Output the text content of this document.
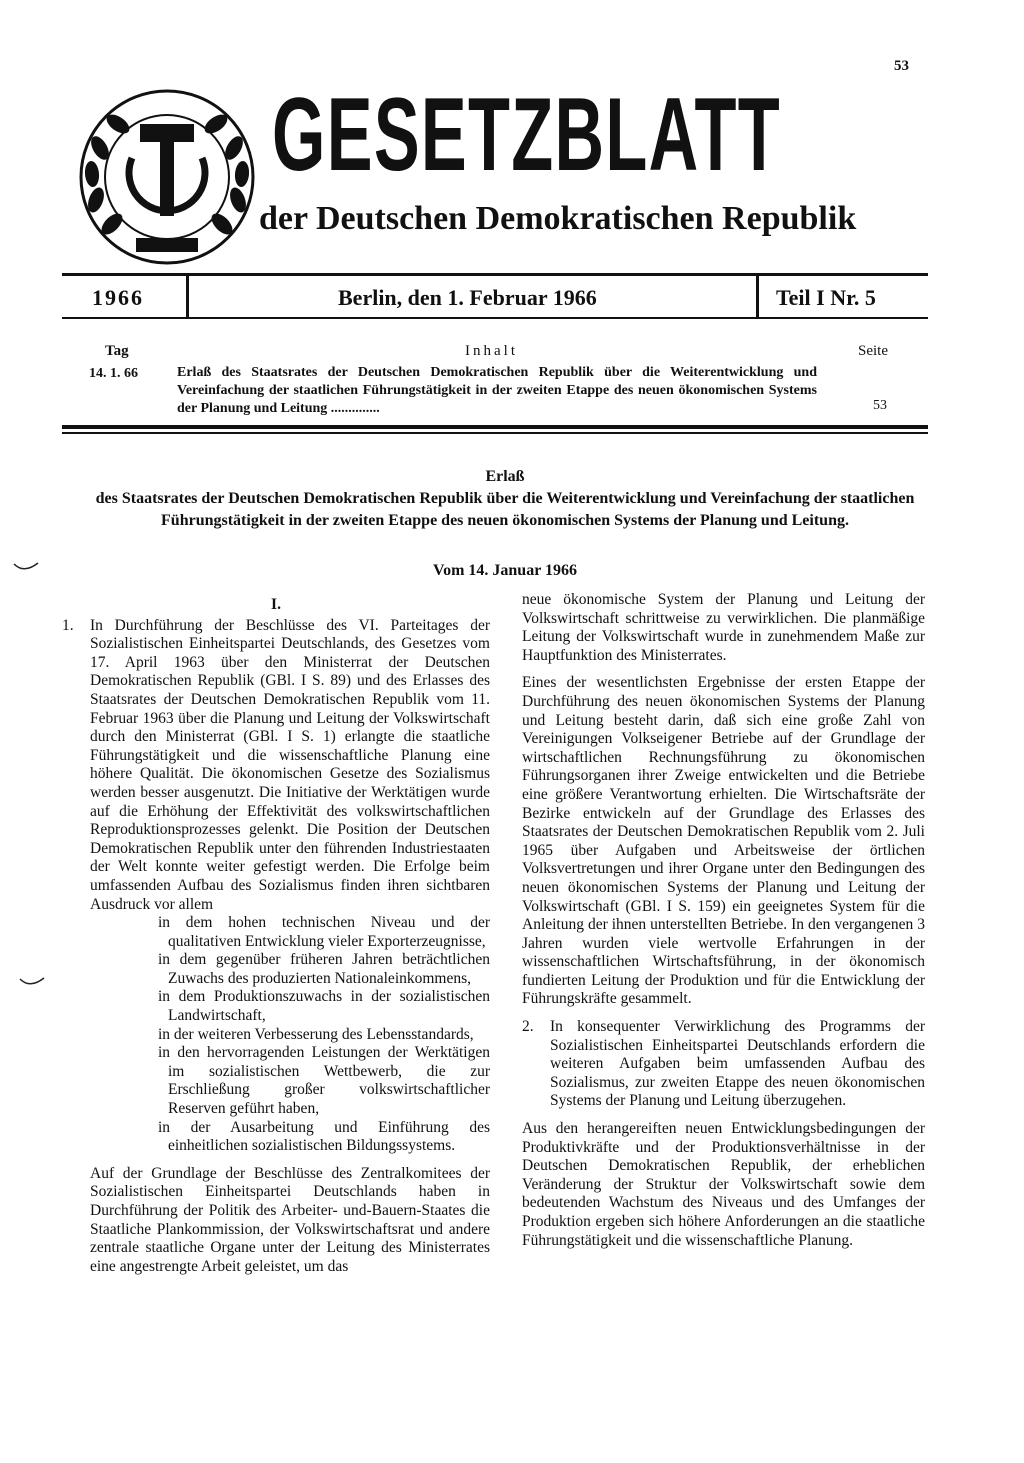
53
GESETZBLATT
der Deutschen Demokratischen Republik
1966	Berlin, den 1. Februar 1966	Teil I Nr. 5
Tag	Inhalt	Seite
14. 1. 66	Erlaß des Staatsrates der Deutschen Demokratischen Republik über die Weiterentwicklung und Vereinfachung der staatlichen Führungstätigkeit in der zweiten Etappe des neuen ökonomischen Systems der Planung und Leitung ..............	53
Erlaß
des Staatsrates der Deutschen Demokratischen Republik über die Weiterentwicklung und Vereinfachung der staatlichen Führungstätigkeit in der zweiten Etappe des neuen ökonomischen Systems der Planung und Leitung.
Vom 14. Januar 1966
I.
1. In Durchführung der Beschlüsse des VI. Parteitages der Sozialistischen Einheitspartei Deutschlands, des Gesetzes vom 17. April 1963 über den Ministerrat der Deutschen Demokratischen Republik (GBl. I S. 89) und des Erlasses des Staatsrates der Deutschen Demokratischen Republik vom 11. Februar 1963 über die Planung und Leitung der Volkswirtschaft durch den Ministerrat (GBl. I S. 1) erlangte die staatliche Führungstätigkeit und die wissenschaftliche Planung eine höhere Qualität. Die ökonomischen Gesetze des Sozialismus werden besser ausgenutzt. Die Initiative der Werktätigen wurde auf die Erhöhung der Effektivität des volkswirtschaftlichen Reproduktionsprozesses gelenkt. Die Position der Deutschen Demokratischen Republik unter den führenden Industriestaaten der Welt konnte weiter gefestigt werden. Die Erfolge beim umfassenden Aufbau des Sozialismus finden ihren sichtbaren Ausdruck vor allem

in dem hohen technischen Niveau und der qualitativen Entwicklung vieler Exporterzeugnisse,

in dem gegenüber früheren Jahren beträchtlichen Zuwachs des produzierten Nationaleinkommens,

in dem Produktionszuwachs in der sozialistischen Landwirtschaft,

in der weiteren Verbesserung des Lebensstandards,

in den hervorragenden Leistungen der Werktätigen im sozialistischen Wettbewerb, die zur Erschließung großer volkswirtschaftlicher Reserven geführt haben,

in der Ausarbeitung und Einführung des einheitlichen sozialistischen Bildungssystems.

Auf der Grundlage der Beschlüsse des Zentralkomitees der Sozialistischen Einheitspartei Deutschlands haben in Durchführung der Politik des Arbeiter- und-Bauern-Staates die Staatliche Plankommission, der Volkswirtschaftsrat und andere zentrale staatliche Organe unter der Leitung des Ministerrates eine angestrengte Arbeit geleistet, um das

neue ökonomische System der Planung und Leitung der Volkswirtschaft schrittweise zu verwirklichen. Die planmäßige Leitung der Volkswirtschaft wurde in zunehmendem Maße zur Hauptfunktion des Ministerrates.

Eines der wesentlichsten Ergebnisse der ersten Etappe der Durchführung des neuen ökonomischen Systems der Planung und Leitung besteht darin, daß sich eine große Zahl von Vereinigungen Volkseigener Betriebe auf der Grundlage der wirtschaftlichen Rechnungsführung zu ökonomischen Führungsorganen ihrer Zweige entwickelten und die Betriebe eine größere Verantwortung erhielten. Die Wirtschaftsräte der Bezirke entwickeln auf der Grundlage des Erlasses des Staatsrates der Deutschen Demokratischen Republik vom 2. Juli 1965 über Aufgaben und Arbeitsweise der örtlichen Volksvertretungen und ihrer Organe unter den Bedingungen des neuen ökonomischen Systems der Planung und Leitung der Volkswirtschaft (GBl. I S. 159) ein geeignetes System für die Anleitung der ihnen unterstellten Betriebe. In den vergangenen 3 Jahren wurden viele wertvolle Erfahrungen in der wissenschaftlichen Wirtschaftsführung, in der ökonomisch fundierten Leitung der Produktion und für die Entwicklung der Führungskräfte gesammelt.

2. In konsequenter Verwirklichung des Programms der Sozialistischen Einheitspartei Deutschlands erfordern die weiteren Aufgaben beim umfassenden Aufbau des Sozialismus, zur zweiten Etappe des neuen ökonomischen Systems der Planung und Leitung überzugehen.

Aus den herangereiften neuen Entwicklungsbedingungen der Produktivkräfte und der Produktionsverhältnisse in der Deutschen Demokratischen Republik, der erheblichen Veränderung der Struktur der Volkswirtschaft sowie dem bedeutenden Wachstum des Niveaus und des Umfanges der Produktion ergeben sich höhere Anforderungen an die staatliche Führungstätigkeit und die wissenschaftliche Planung.
